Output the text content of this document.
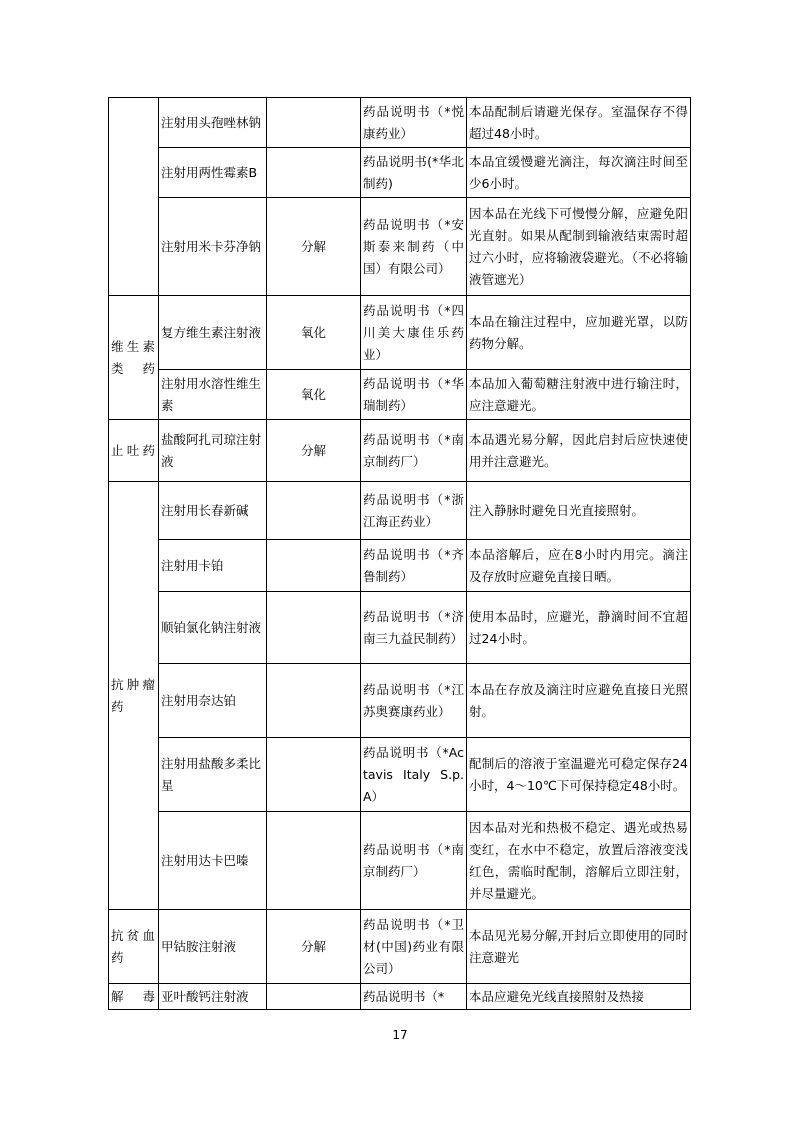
	注射用头孢唑林钠		药品说明书（*悦康药业）	本品配制后请避光保存。室温保存不得超过48小时。
	注射用两性霉素B		药品说明书(*华北制药)	本品宜缓慢避光滴注，每次滴注时间至少6小时。
	注射用米卡芬净钠	分解	药品说明书（*安斯泰来制药（中国）有限公司）	因本品在光线下可慢慢分解，应避免阳光直射。如果从配制到输液结束需时超过六小时，应将输液袋避光。（不必将输液管遮光）
维生素类药	复方维生素注射液	氧化	药品说明书（*四川美大康佳乐药业）	本品在输注过程中，应加避光罩，以防药物分解。
	注射用水溶性维生素	氧化	药品说明书（*华瑞制药）	本品加入葡萄糖注射液中进行输注时，应注意避光。
止吐药	盐酸阿扎司琼注射液	分解	药品说明书（*南京制药厂）	本品遇光易分解，因此启封后应快速使用并注意避光。
抗肿瘤药	注射用长春新碱		药品说明书（*浙江海正药业）	注入静脉时避免日光直接照射。
	注射用卡铂		药品说明书（*齐鲁制药）	本品溶解后，应在8小时内用完。滴注及存放时应避免直接日晒。
	顺铂氯化钠注射液		药品说明书（*济南三九益民制药）	使用本品时，应避光，静滴时间不宜超过24小时。
	注射用奈达铂		药品说明书（*江苏奥赛康药业）	本品在存放及滴注时应避免直接日光照射。
	注射用盐酸多柔比星		药品说明书（*Actavis Italy S.p.A）	配制后的溶液于室温避光可稳定保存24 小时，4～10℃下可保持稳定48小时。
	注射用达卡巴嗪		药品说明书（*南京制药厂）	因本品对光和热极不稳定、遇光或热易变红，在水中不稳定，放置后溶液变浅红色，需临时配制，溶解后立即注射，并尽量避光。
抗贫血药	甲钴胺注射液	分解	药品说明书（*卫材(中国)药业有限公司）	本品见光易分解,开封后立即使用的同时注意避光
解毒	亚叶酸钙注射液		药品说明书（*	本品应避免光线直接照射及热接
17
